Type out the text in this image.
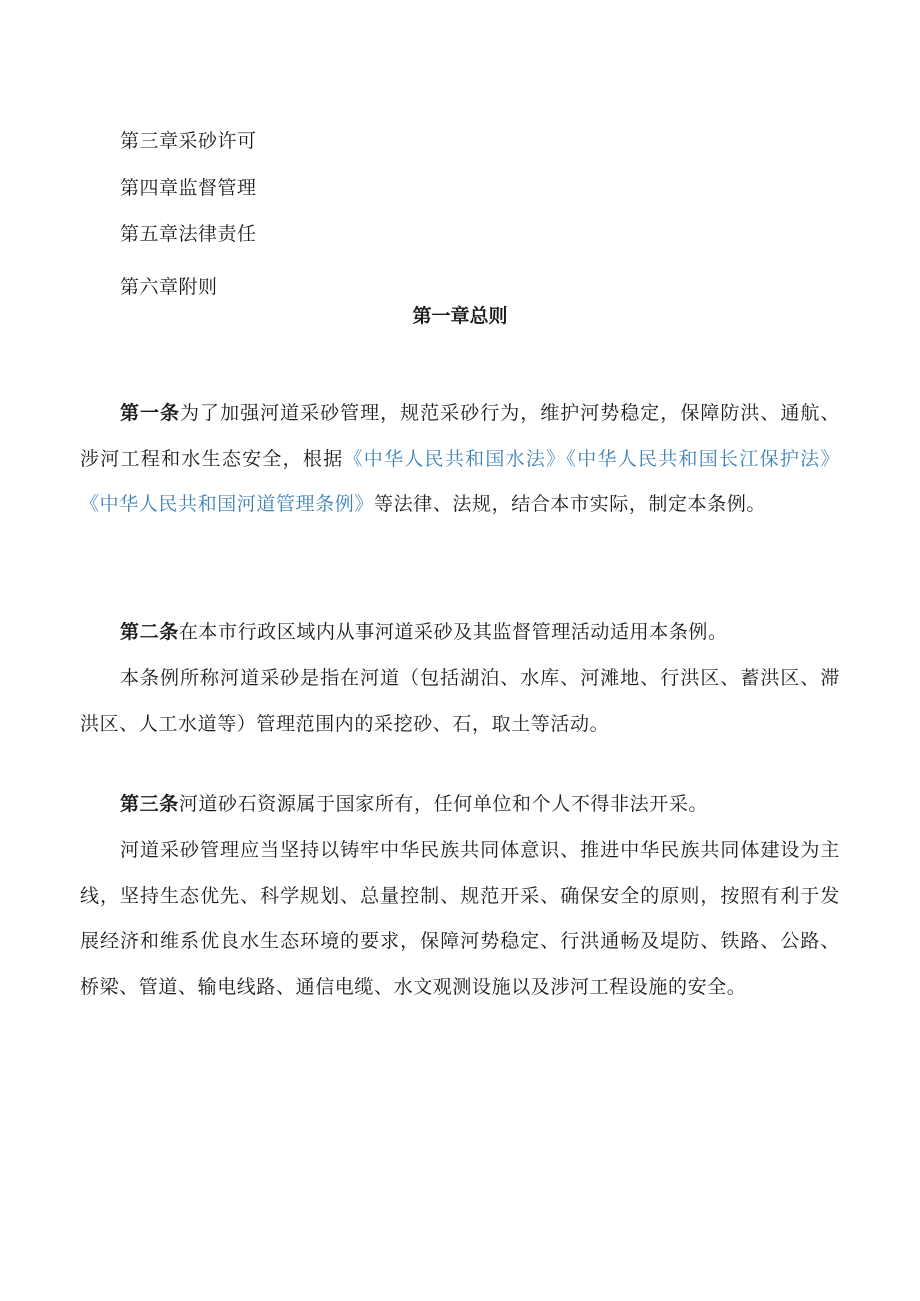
第三章采砂许可

第四章监督管理

第五章法律责任

第六章附则

第一章总则

第一条为了加强河道采砂管理，规范采砂行为，维护河势稳定，保障防洪、通航、涉河工程和水生态安全，根据《中华人民共和国水法》《中华人民共和国长江保护法》《中华人民共和国河道管理条例》等法律、法规，结合本市实际，制定本条例。

第二条在本市行政区域内从事河道采砂及其监督管理活动适用本条例。

本条例所称河道采砂是指在河道（包括湖泊、水库、河滩地、行洪区、蓄洪区、滞洪区、人工水道等）管理范围内的采挖砂、石，取土等活动。

第三条河道砂石资源属于国家所有，任何单位和个人不得非法开采。

河道采砂管理应当坚持以铸牢中华民族共同体意识、推进中华民族共同体建设为主线，坚持生态优先、科学规划、总量控制、规范开采、确保安全的原则，按照有利于发展经济和维系优良水生态环境的要求，保障河势稳定、行洪通畅及堤防、铁路、公路、桥梁、管道、输电线路、通信电缆、水文观测设施以及涉河工程设施的安全。
